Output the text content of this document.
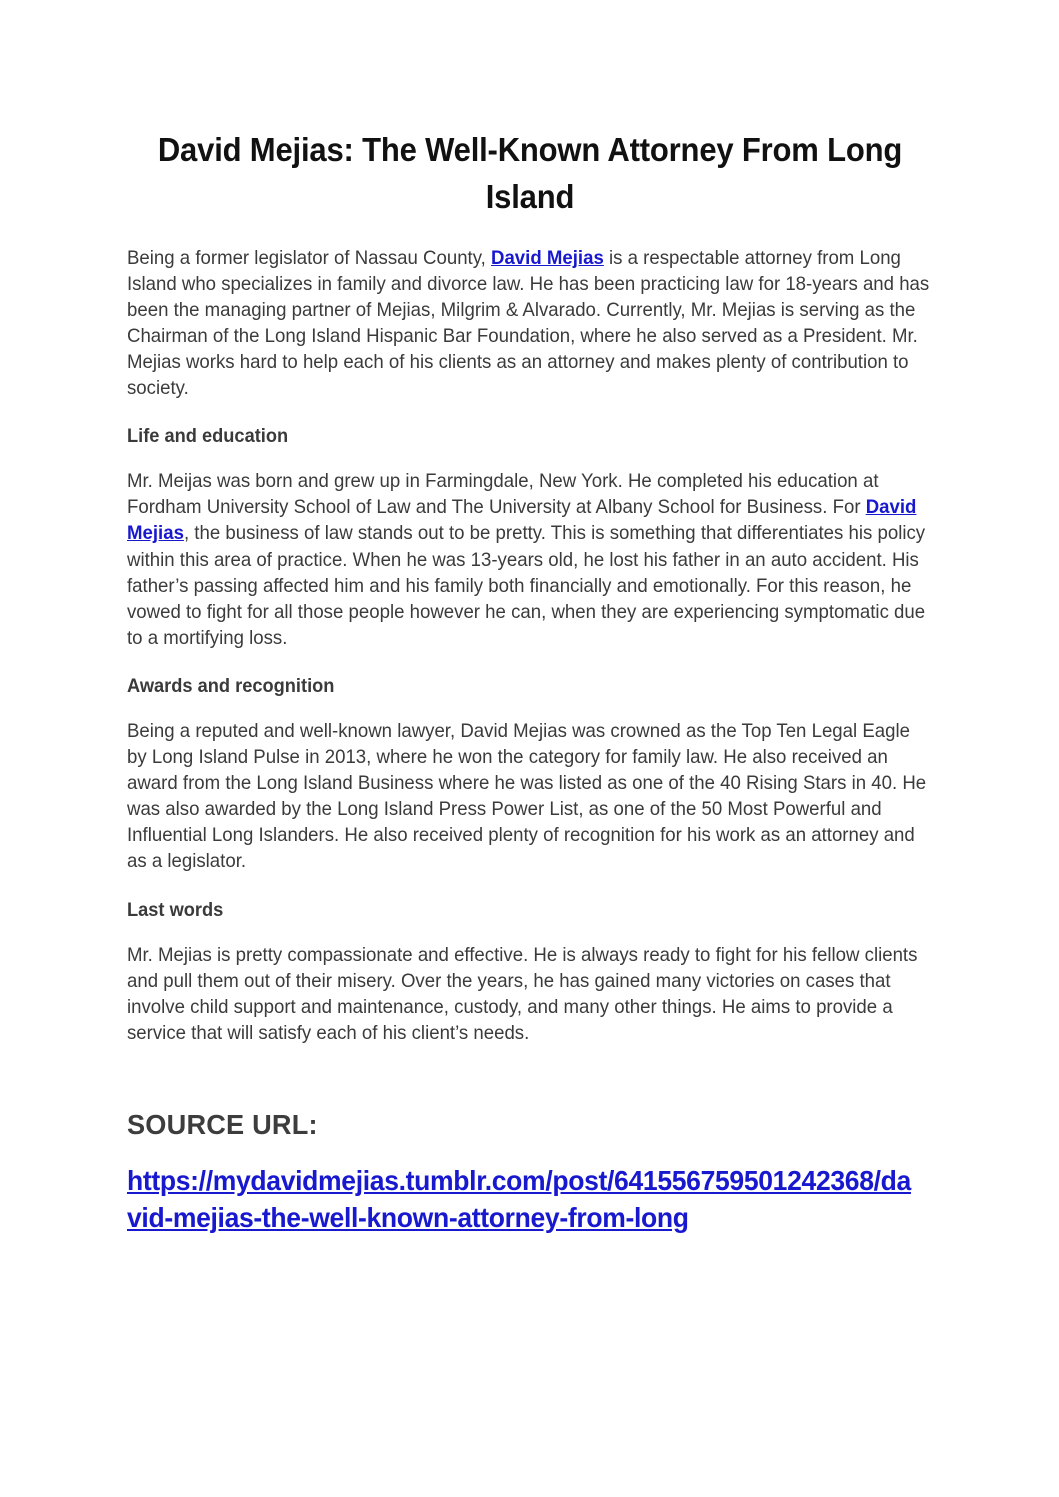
David Mejias: The Well-Known Attorney From Long Island

Being a former legislator of Nassau County, David Mejias is a respectable attorney from Long Island who specializes in family and divorce law. He has been practicing law for 18-years and has been the managing partner of Mejias, Milgrim & Alvarado. Currently, Mr. Mejias is serving as the Chairman of the Long Island Hispanic Bar Foundation, where he also served as a President. Mr. Mejias works hard to help each of his clients as an attorney and makes plenty of contribution to society.

Life and education

Mr. Meijas was born and grew up in Farmingdale, New York. He completed his education at Fordham University School of Law and The University at Albany School for Business. For David Mejias, the business of law stands out to be pretty. This is something that differentiates his policy within this area of practice. When he was 13-years old, he lost his father in an auto accident. His father’s passing affected him and his family both financially and emotionally. For this reason, he vowed to fight for all those people however he can, when they are experiencing symptomatic due to a mortifying loss.

Awards and recognition

Being a reputed and well-known lawyer, David Mejias was crowned as the Top Ten Legal Eagle by Long Island Pulse in 2013, where he won the category for family law. He also received an award from the Long Island Business where he was listed as one of the 40 Rising Stars in 40. He was also awarded by the Long Island Press Power List, as one of the 50 Most Powerful and Influential Long Islanders. He also received plenty of recognition for his work as an attorney and as a legislator.

Last words

Mr. Mejias is pretty compassionate and effective. He is always ready to fight for his fellow clients and pull them out of their misery. Over the years, he has gained many victories on cases that involve child support and maintenance, custody, and many other things. He aims to provide a service that will satisfy each of his client’s needs.

SOURCE URL:
https://mydavidmejias.tumblr.com/post/641556759501242368/david-mejias-the-well-known-attorney-from-long
